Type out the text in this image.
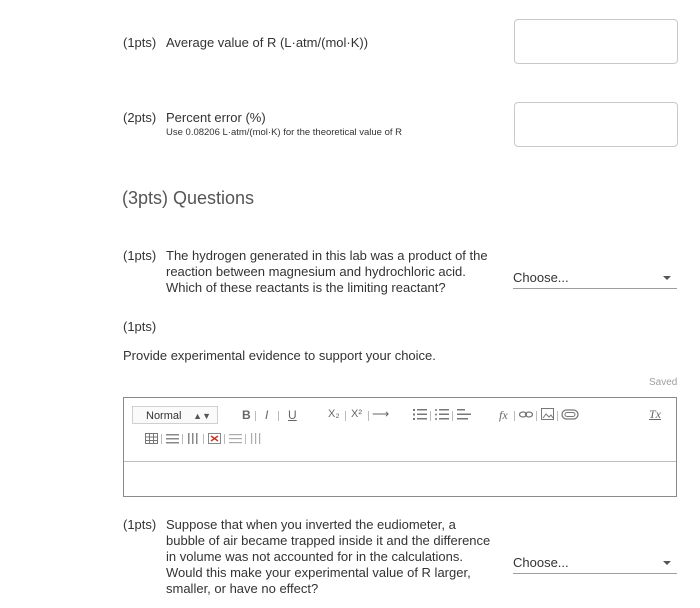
(1pts) Average value of R (L·atm/(mol·K))
(2pts) Percent error (%)
Use 0.08206 L·atm/(mol·K) for the theoretical value of R
(3pts) Questions
(1pts) The hydrogen generated in this lab was a product of the
reaction between magnesium and hydrochloric acid.
Which of these reactants is the limiting reactant?
Choose...
(1pts)
Provide experimental evidence to support your choice.
Saved
Normal ▲▼	B I U	X₂ X² ⟶	fx	Tx
(1pts) Suppose that when you inverted the eudiometer, a
bubble of air became trapped inside it and the difference
in volume was not accounted for in the calculations.
Would this make your experimental value of R larger,
smaller, or have no effect?
Choose...
